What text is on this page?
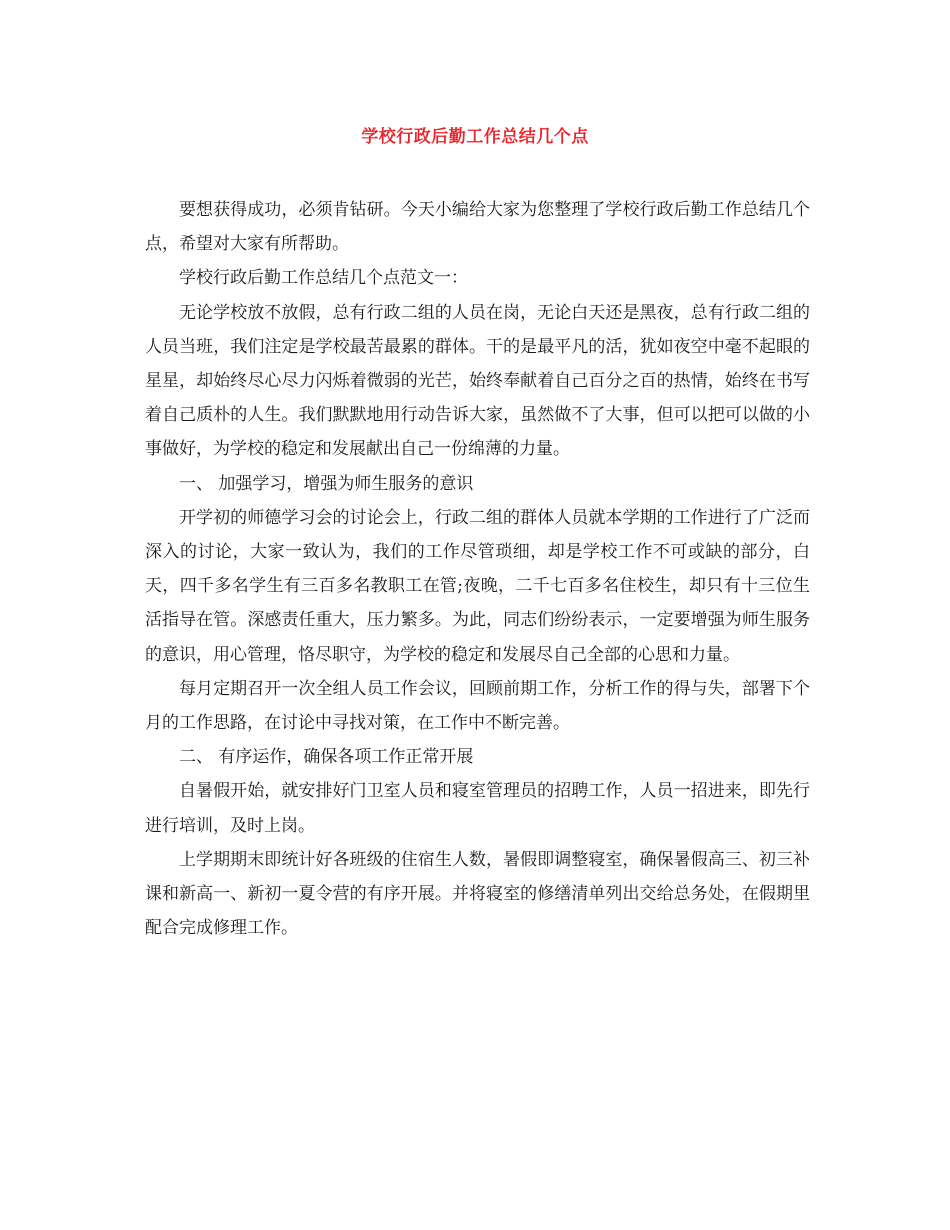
学校行政后勤工作总结几个点

要想获得成功，必须肯钻研。今天小编给大家为您整理了学校行政后勤工作总结几个点，希望对大家有所帮助。

学校行政后勤工作总结几个点范文一：

无论学校放不放假，总有行政二组的人员在岗，无论白天还是黑夜，总有行政二组的人员当班，我们注定是学校最苦最累的群体。干的是最平凡的活，犹如夜空中毫不起眼的星星，却始终尽心尽力闪烁着微弱的光芒，始终奉献着自己百分之百的热情，始终在书写着自己质朴的人生。我们默默地用行动告诉大家，虽然做不了大事，但可以把可以做的小事做好，为学校的稳定和发展献出自己一份绵薄的力量。

一、 加强学习，增强为师生服务的意识

开学初的师德学习会的讨论会上，行政二组的群体人员就本学期的工作进行了广泛而深入的讨论，大家一致认为，我们的工作尽管琐细，却是学校工作不可或缺的部分，白天，四千多名学生有三百多名教职工在管;夜晚，二千七百多名住校生，却只有十三位生活指导在管。深感责任重大，压力繁多。为此，同志们纷纷表示，一定要增强为师生服务的意识，用心管理，恪尽职守，为学校的稳定和发展尽自己全部的心思和力量。

每月定期召开一次全组人员工作会议，回顾前期工作，分析工作的得与失，部署下个月的工作思路，在讨论中寻找对策，在工作中不断完善。

二、 有序运作，确保各项工作正常开展

自暑假开始，就安排好门卫室人员和寝室管理员的招聘工作，人员一招进来，即先行进行培训，及时上岗。

上学期期末即统计好各班级的住宿生人数，暑假即调整寝室，确保暑假高三、初三补课和新高一、新初一夏令营的有序开展。并将寝室的修缮清单列出交给总务处，在假期里配合完成修理工作。
